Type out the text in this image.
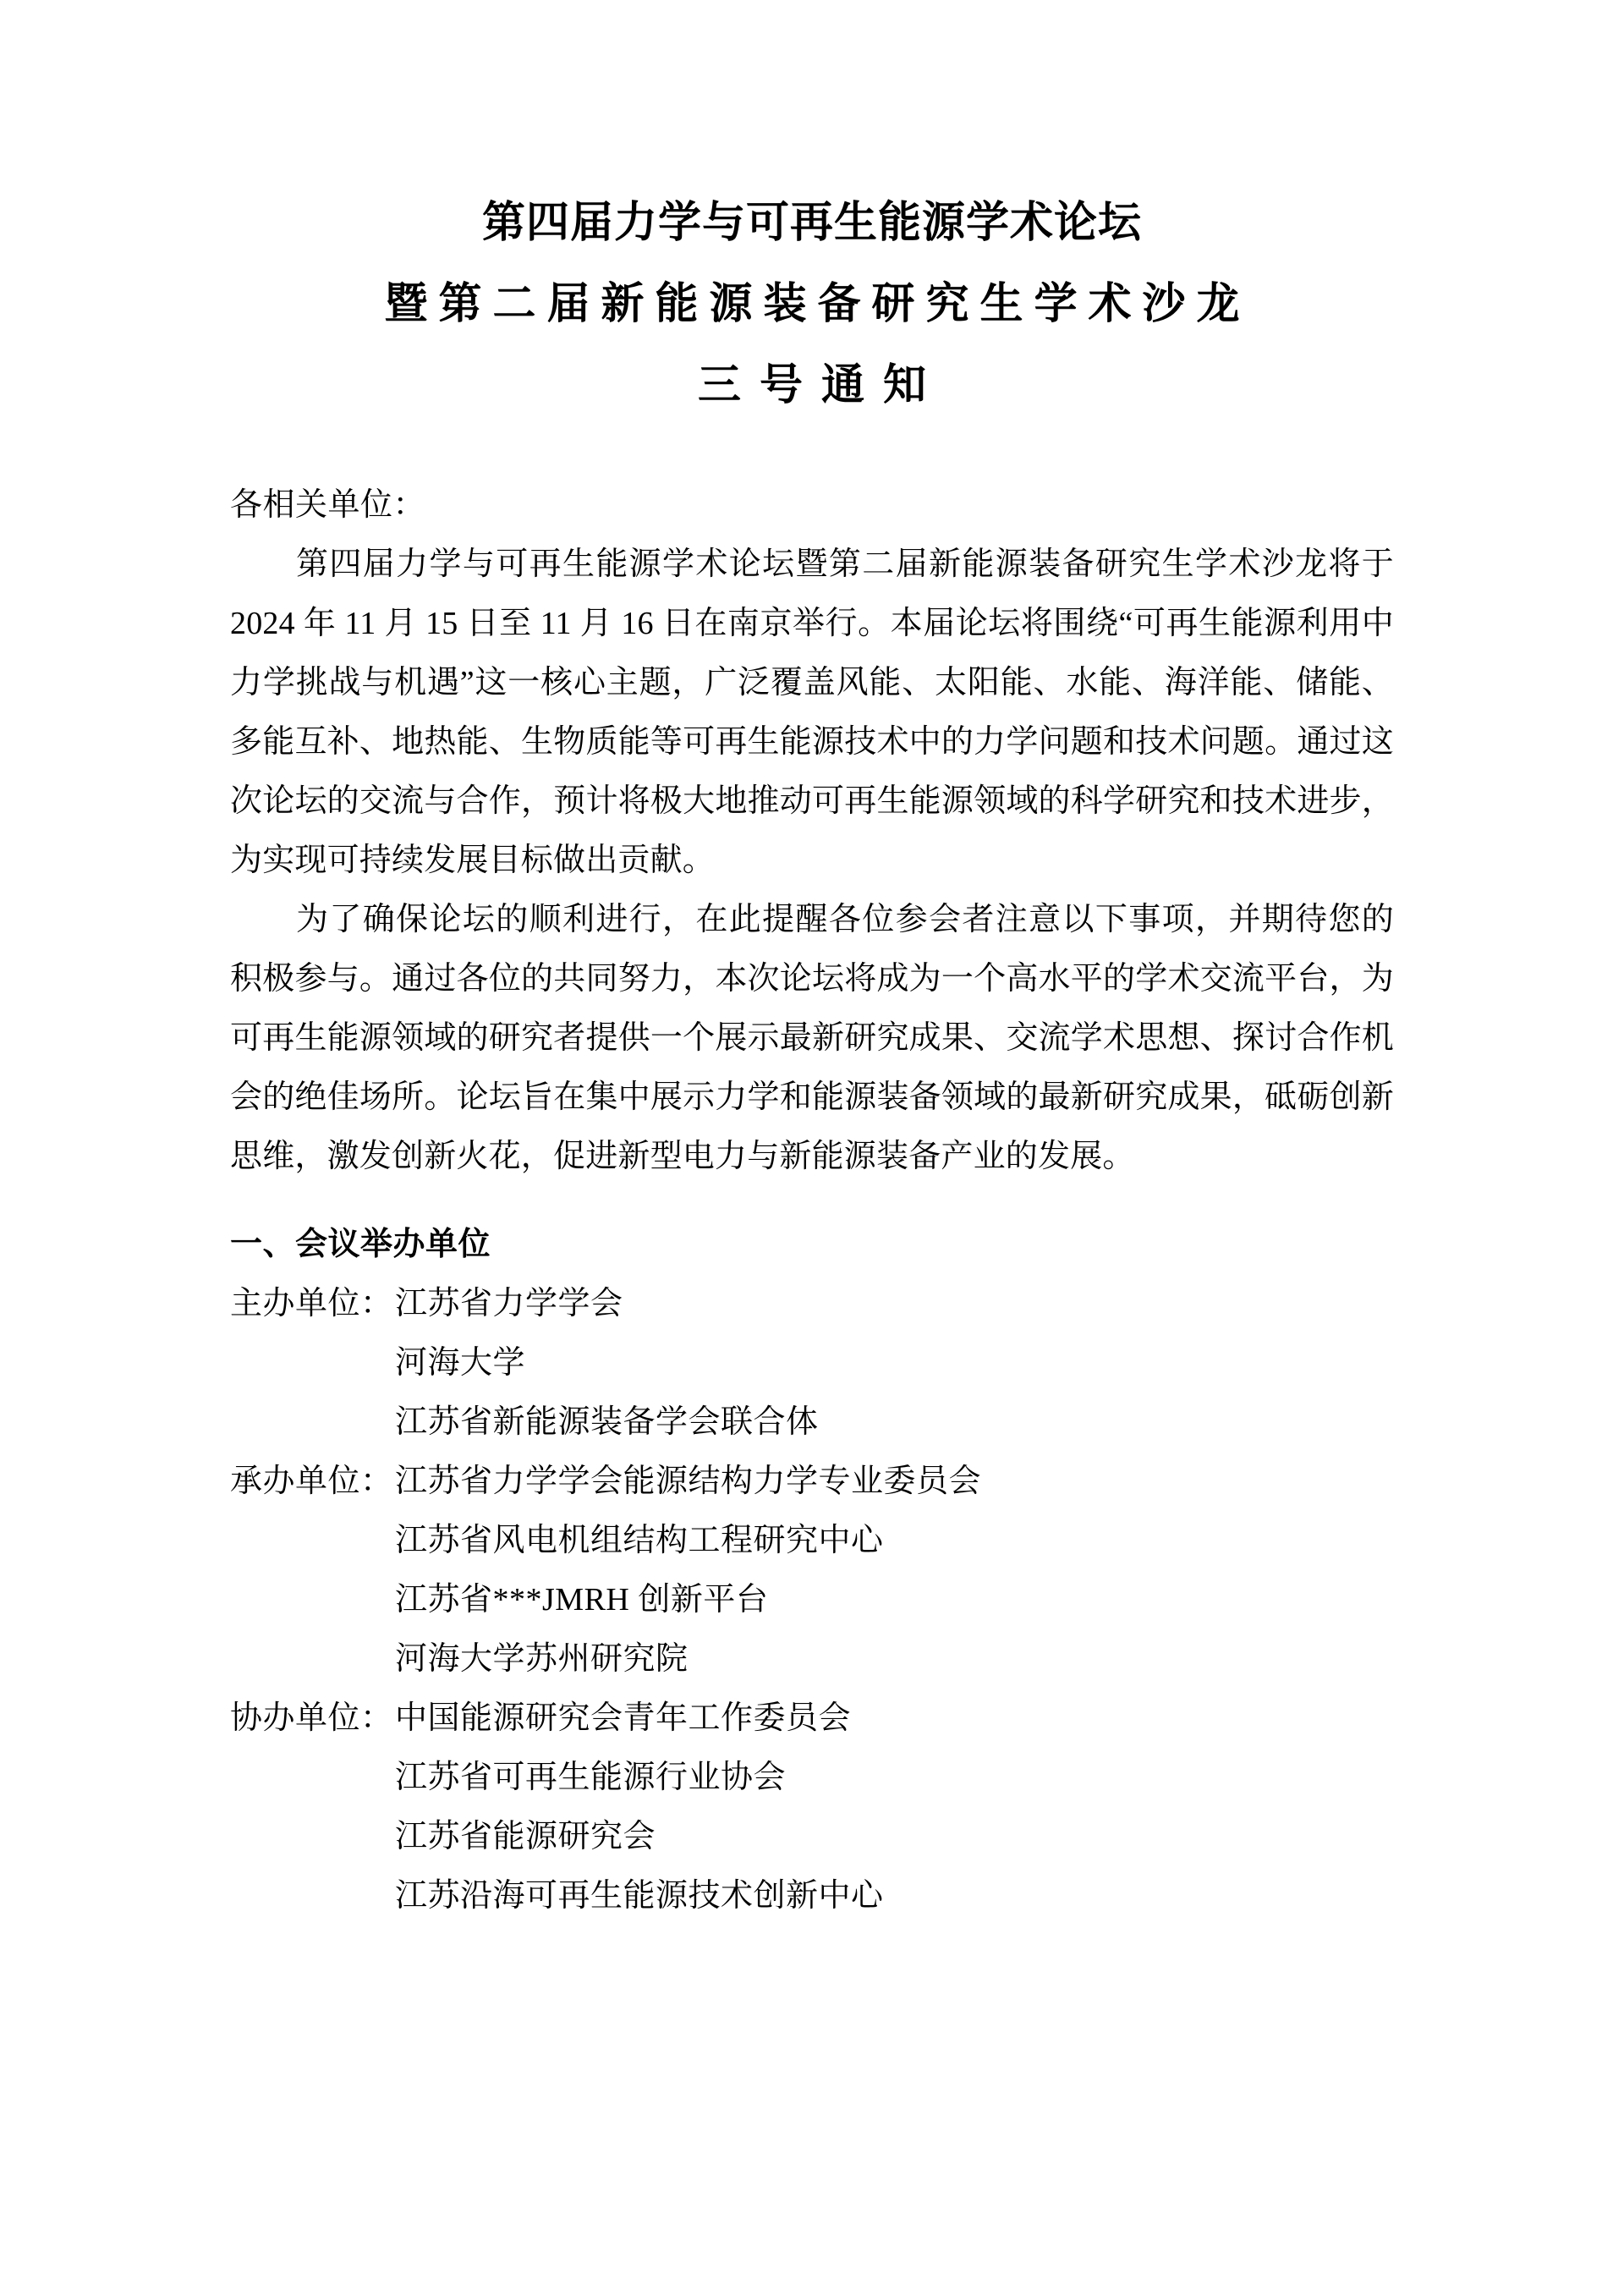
第四届力学与可再生能源学术论坛
暨第二届新能源装备研究生学术沙龙
三号通知
各相关单位：

第四届力学与可再生能源学术论坛暨第二届新能源装备研究生学术沙龙将于 2024 年 11 月 15 日至 11 月 16 日在南京举行。本届论坛将围绕“可再生能源利用中力学挑战与机遇”这一核心主题，广泛覆盖风能、太阳能、水能、海洋能、储能、多能互补、地热能、生物质能等可再生能源技术中的力学问题和技术问题。通过这次论坛的交流与合作，预计将极大地推动可再生能源领域的科学研究和技术进步，为实现可持续发展目标做出贡献。

为了确保论坛的顺利进行，在此提醒各位参会者注意以下事项，并期待您的积极参与。通过各位的共同努力，本次论坛将成为一个高水平的学术交流平台，为可再生能源领域的研究者提供一个展示最新研究成果、交流学术思想、探讨合作机会的绝佳场所。论坛旨在集中展示力学和能源装备领域的最新研究成果，砥砺创新思维，激发创新火花，促进新型电力与新能源装备产业的发展。

一、会议举办单位
主办单位：江苏省力学学会
河海大学
江苏省新能源装备学会联合体
承办单位：江苏省力学学会能源结构力学专业委员会
江苏省风电机组结构工程研究中心
江苏省***JMRH 创新平台
河海大学苏州研究院
协办单位：中国能源研究会青年工作委员会
江苏省可再生能源行业协会
江苏省能源研究会
江苏沿海可再生能源技术创新中心
